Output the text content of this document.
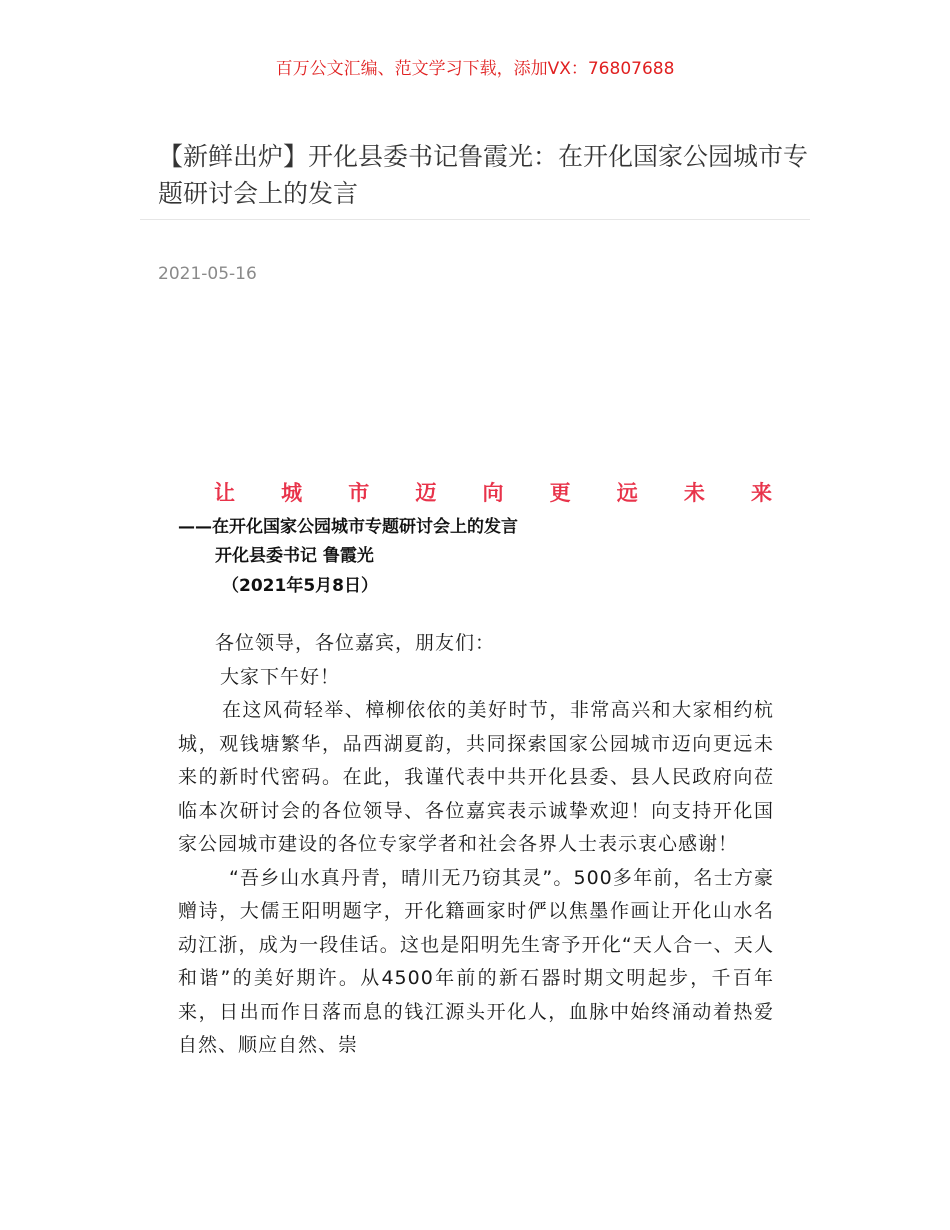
百万公文汇编、范文学习下载，添加VX：76807688
【新鲜出炉】开化县委书记鲁霞光：在开化国家公园城市专题研讨会上的发言
2021-05-16
让 城 市 迈 向 更 远 未 来
——在开化国家公园城市专题研讨会上的发言
开化县委书记 鲁霞光
（2021年5月8日）

各位领导，各位嘉宾，朋友们：

大家下午好！

在这风荷轻举、樟柳依依的美好时节，非常高兴和大家相约杭城，观钱塘繁华，品西湖夏韵，共同探索国家公园城市迈向更远未来的新时代密码。在此，我谨代表中共开化县委、县人民政府向莅临本次研讨会的各位领导、各位嘉宾表示诚挚欢迎！向支持开化国家公园城市建设的各位专家学者和社会各界人士表示衷心感谢！

“吾乡山水真丹青，晴川无乃窃其灵”。500多年前，名士方豪赠诗，大儒王阳明题字，开化籍画家时俨以焦墨作画让开化山水名动江浙，成为一段佳话。这也是阳明先生寄予开化“天人合一、天人和谐”的美好期许。从4500年前的新石器时期文明起步，千百年来，日出而作日落而息的钱江源头开化人，血脉中始终涌动着热爱自然、顺应自然、崇
